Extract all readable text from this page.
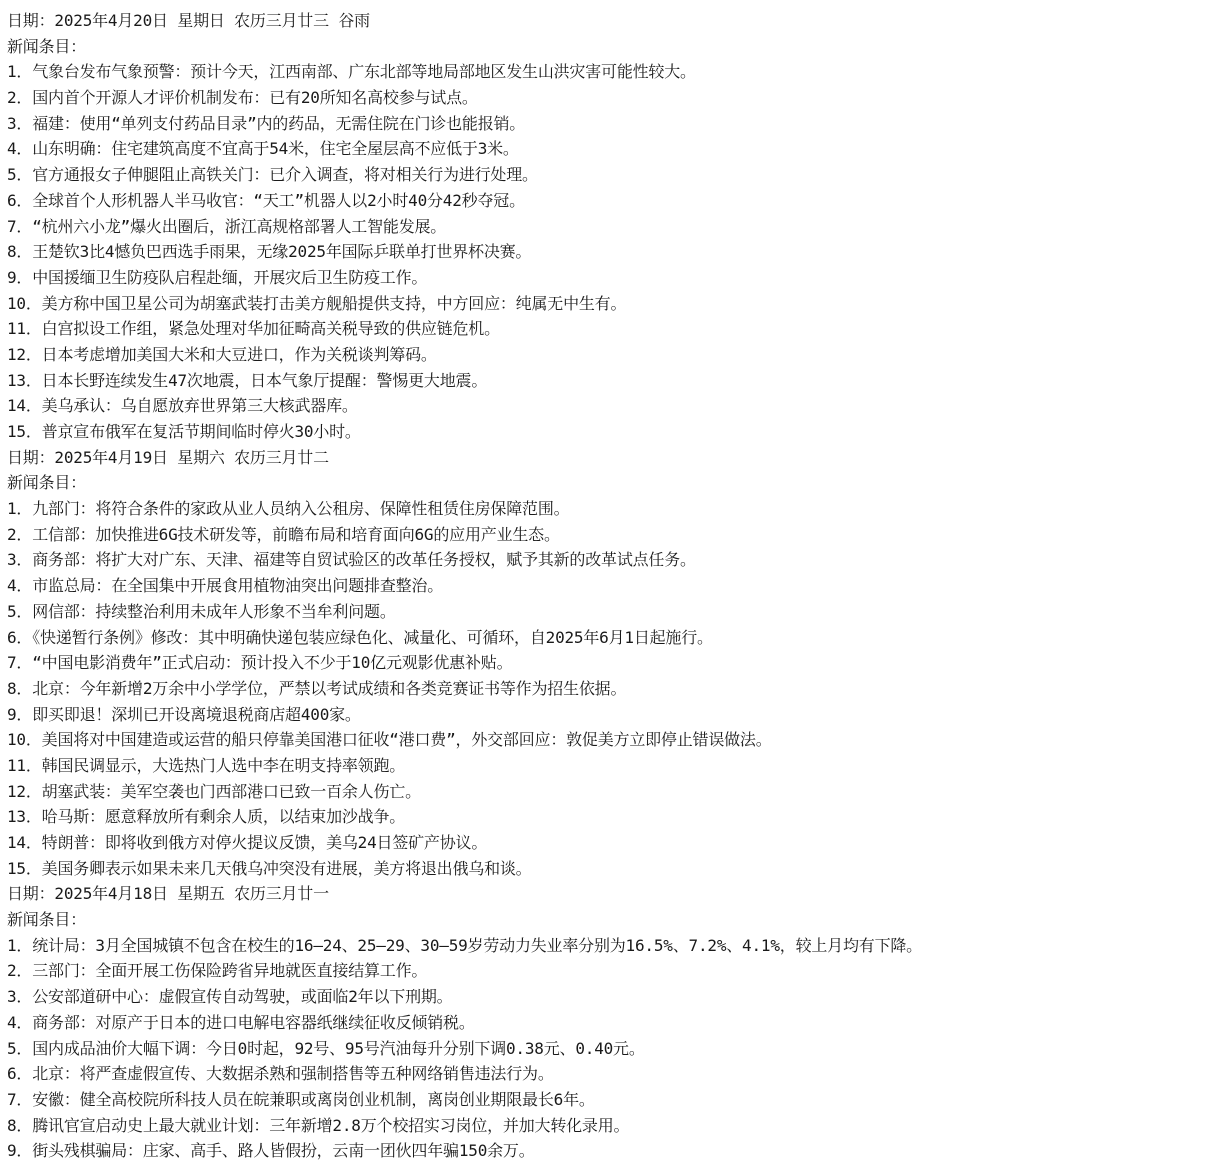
日期：2025年4月20日 星期日 农历三月廿三 谷雨
新闻条目：
1．气象台发布气象预警：预计今天，江西南部、广东北部等地局部地区发生山洪灾害可能性较大。
2．国内首个开源人才评价机制发布：已有20所知名高校参与试点。
3．福建：使用“单列支付药品目录”内的药品，无需住院在门诊也能报销。
4．山东明确：住宅建筑高度不宜高于54米，住宅全屋层高不应低于3米。
5．官方通报女子伸腿阻止高铁关门：已介入调查，将对相关行为进行处理。
6．全球首个人形机器人半马收官：“天工”机器人以2小时40分42秒夺冠。
7．“杭州六小龙”爆火出圈后，浙江高规格部署人工智能发展。
8．王楚钦3比4憾负巴西选手雨果，无缘2025年国际乒联单打世界杯决赛。
9．中国援缅卫生防疫队启程赴缅，开展灾后卫生防疫工作。
10．美方称中国卫星公司为胡塞武装打击美方舰船提供支持，中方回应：纯属无中生有。
11．白宫拟设工作组，紧急处理对华加征畸高关税导致的供应链危机。
12．日本考虑增加美国大米和大豆进口，作为关税谈判筹码。
13．日本长野连续发生47次地震，日本气象厅提醒：警惕更大地震。
14．美乌承认：乌自愿放弃世界第三大核武器库。
15．普京宣布俄军在复活节期间临时停火30小时。
日期：2025年4月19日 星期六 农历三月廿二
新闻条目：
1．九部门：将符合条件的家政从业人员纳入公租房、保障性租赁住房保障范围。
2．工信部：加快推进6G技术研发等，前瞻布局和培育面向6G的应用产业生态。
3．商务部：将扩大对广东、天津、福建等自贸试验区的改革任务授权，赋予其新的改革试点任务。
4．市监总局：在全国集中开展食用植物油突出问题排查整治。
5．网信部：持续整治利用未成年人形象不当牟利问题。
6．《快递暂行条例》修改：其中明确快递包装应绿色化、减量化、可循环，自2025年6月1日起施行。
7．“中国电影消费年”正式启动：预计投入不少于10亿元观影优惠补贴。
8．北京：今年新增2万余中小学学位，严禁以考试成绩和各类竞赛证书等作为招生依据。
9．即买即退！深圳已开设离境退税商店超400家。
10．美国将对中国建造或运营的船只停靠美国港口征收“港口费”，外交部回应：敦促美方立即停止错误做法。
11．韩国民调显示，大选热门人选中李在明支持率领跑。
12．胡塞武装：美军空袭也门西部港口已致一百余人伤亡。
13．哈马斯：愿意释放所有剩余人质，以结束加沙战争。
14．特朗普：即将收到俄方对停火提议反馈，美乌24日签矿产协议。
15．美国务卿表示如果未来几天俄乌冲突没有进展，美方将退出俄乌和谈。
日期：2025年4月18日 星期五 农历三月廿一
新闻条目：
1．统计局：3月全国城镇不包含在校生的16—24、25—29、30—59岁劳动力失业率分别为16.5%、7.2%、4.1%，较上月均有下降。
2．三部门：全面开展工伤保险跨省异地就医直接结算工作。
3．公安部道研中心：虚假宣传自动驾驶，或面临2年以下刑期。
4．商务部：对原产于日本的进口电解电容器纸继续征收反倾销税。
5．国内成品油价大幅下调：今日0时起，92号、95号汽油每升分别下调0.38元、0.40元。
6．北京：将严查虚假宣传、大数据杀熟和强制搭售等五种网络销售违法行为。
7．安徽：健全高校院所科技人员在皖兼职或离岗创业机制，离岗创业期限最长6年。
8．腾讯官宣启动史上最大就业计划：三年新增2.8万个校招实习岗位，并加大转化录用。
9．街头残棋骗局：庄家、高手、路人皆假扮，云南一团伙四年骗150余万。
